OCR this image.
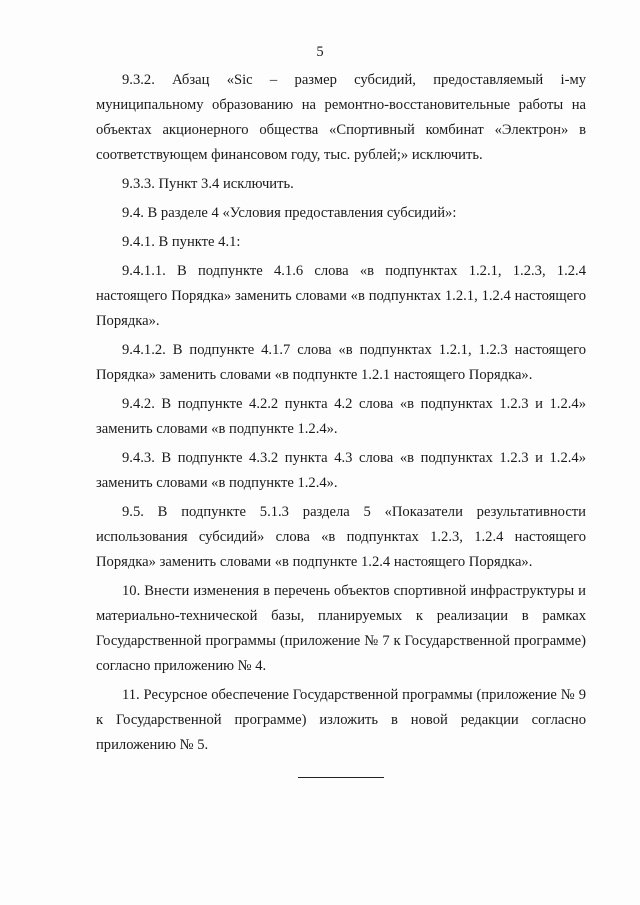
5

9.3.2. Абзац «Sic – размер субсидий, предоставляемый i-му муниципальному образованию на ремонтно-восстановительные работы на объектах акционерного общества «Спортивный комбинат «Электрон» в соответствующем финансовом году, тыс. рублей;» исключить.

9.3.3. Пункт 3.4 исключить.

9.4. В разделе 4 «Условия предоставления субсидий»:

9.4.1. В пункте 4.1:

9.4.1.1. В подпункте 4.1.6 слова «в подпунктах 1.2.1, 1.2.3, 1.2.4 настоящего Порядка» заменить словами «в подпунктах 1.2.1, 1.2.4 настоящего Порядка».

9.4.1.2. В подпункте 4.1.7 слова «в подпунктах 1.2.1, 1.2.3 настоящего Порядка» заменить словами «в подпункте 1.2.1 настоящего Порядка».

9.4.2. В подпункте 4.2.2 пункта 4.2 слова «в подпунктах 1.2.3 и 1.2.4» заменить словами «в подпункте 1.2.4».

9.4.3. В подпункте 4.3.2 пункта 4.3 слова «в подпунктах 1.2.3 и 1.2.4» заменить словами «в подпункте 1.2.4».

9.5. В подпункте 5.1.3 раздела 5 «Показатели результативности использования субсидий» слова «в подпунктах 1.2.3, 1.2.4 настоящего Порядка» заменить словами «в подпункте 1.2.4 настоящего Порядка».

10. Внести изменения в перечень объектов спортивной инфраструктуры и материально-технической базы, планируемых к реализации в рамках Государственной программы (приложение № 7 к Государственной программе) согласно приложению № 4.

11. Ресурсное обеспечение Государственной программы (приложение № 9 к Государственной программе) изложить в новой редакции согласно приложению № 5.
